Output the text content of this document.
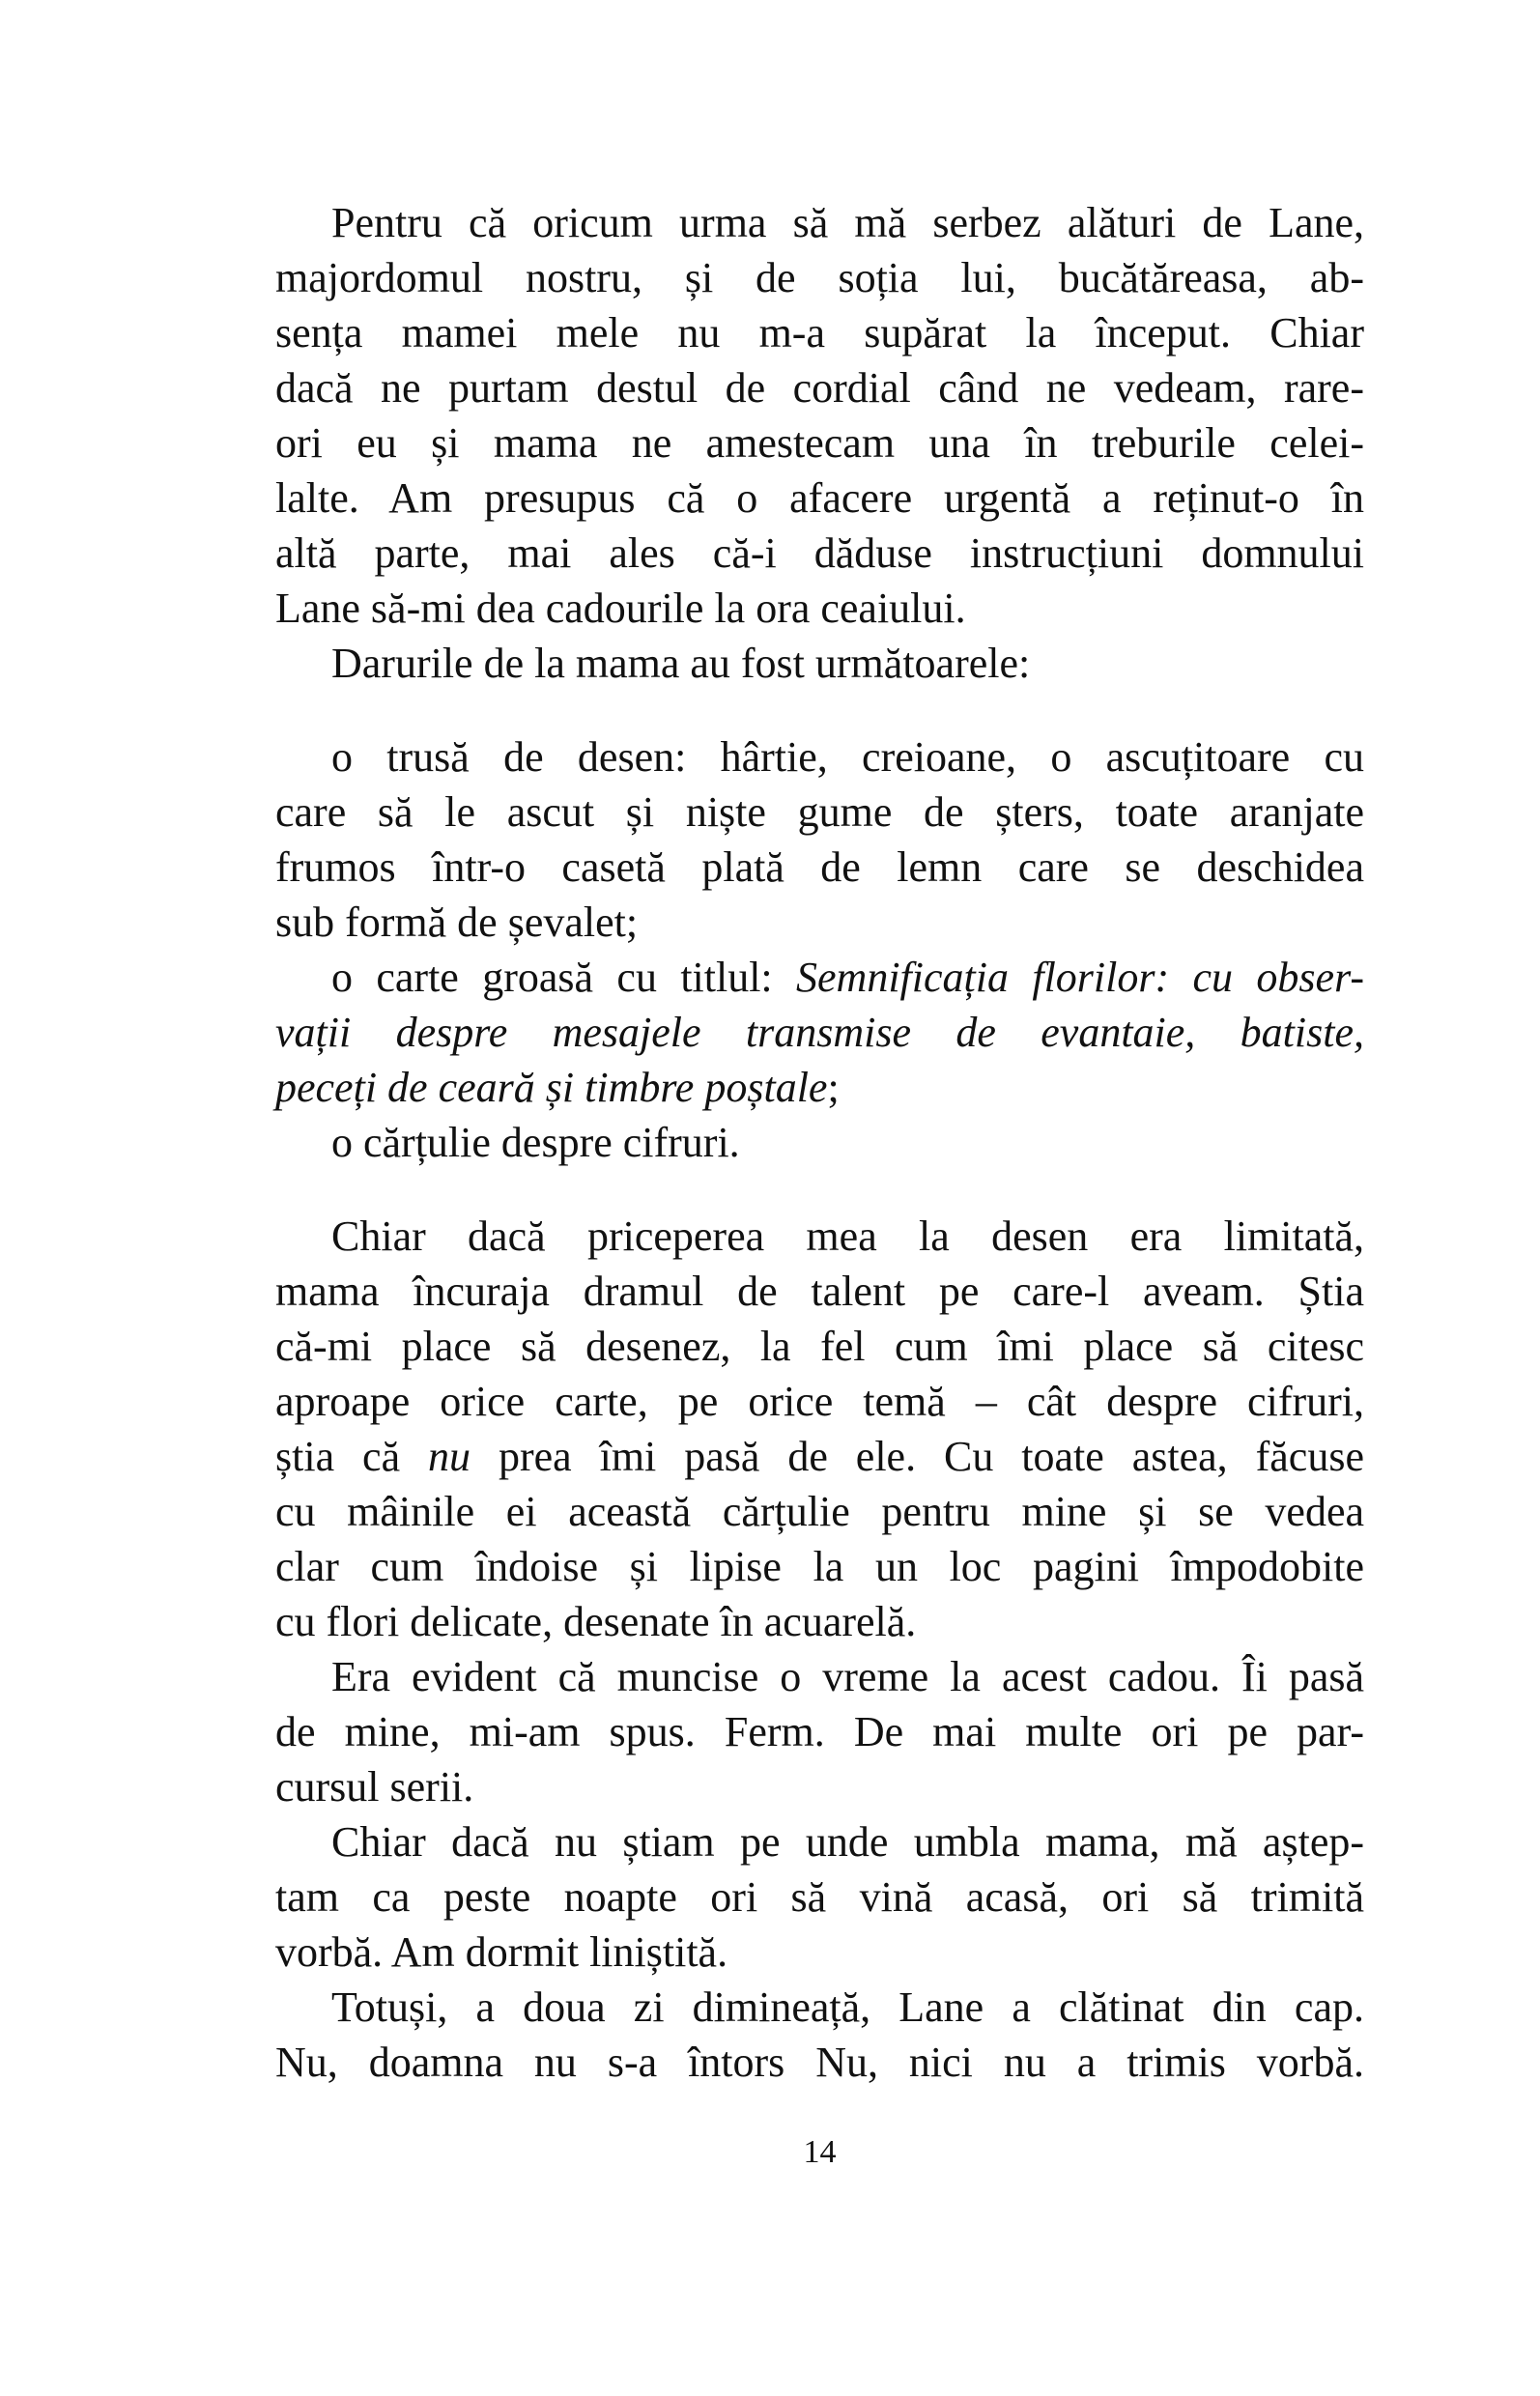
Pentru că oricum urma să mă serbez alături de Lane,
majordomul nostru, și de soția lui, bucătăreasa, ab-
sența mamei mele nu m-a supărat la început. Chiar
dacă ne purtam destul de cordial când ne vedeam, rare-
ori eu și mama ne amestecam una în treburile celei-
lalte. Am presupus că o afacere urgentă a reținut-o în
altă parte, mai ales că-i dăduse instrucțiuni domnului
Lane să-mi dea cadourile la ora ceaiului.
Darurile de la mama au fost următoarele:
o trusă de desen: hârtie, creioane, o ascuțitoare cu
care să le ascut și niște gume de șters, toate aranjate
frumos într-o casetă plată de lemn care se deschidea
sub formă de șevalet;
o carte groasă cu titlul: Semnificația florilor: cu obser-
vații despre mesajele transmise de evantaie, batiste,
peceți de ceară și timbre poștale;
o cărțulie despre cifruri.
Chiar dacă priceperea mea la desen era limitată,
mama încuraja dramul de talent pe care-l aveam. Știa
că-mi place să desenez, la fel cum îmi place să citesc
aproape orice carte, pe orice temă – cât despre cifruri,
știa că nu prea îmi pasă de ele. Cu toate astea, făcuse
cu mâinile ei această cărțulie pentru mine și se vedea
clar cum îndoise și lipise la un loc pagini împodobite
cu flori delicate, desenate în acuarelă.
Era evident că muncise o vreme la acest cadou. Îi pasă
de mine, mi-am spus. Ferm. De mai multe ori pe par-
cursul serii.
Chiar dacă nu știam pe unde umbla mama, mă aștep-
tam ca peste noapte ori să vină acasă, ori să trimită
vorbă. Am dormit liniștită.
Totuși, a doua zi dimineață, Lane a clătinat din cap.
Nu, doamna nu s-a întors Nu, nici nu a trimis vorbă.
14
